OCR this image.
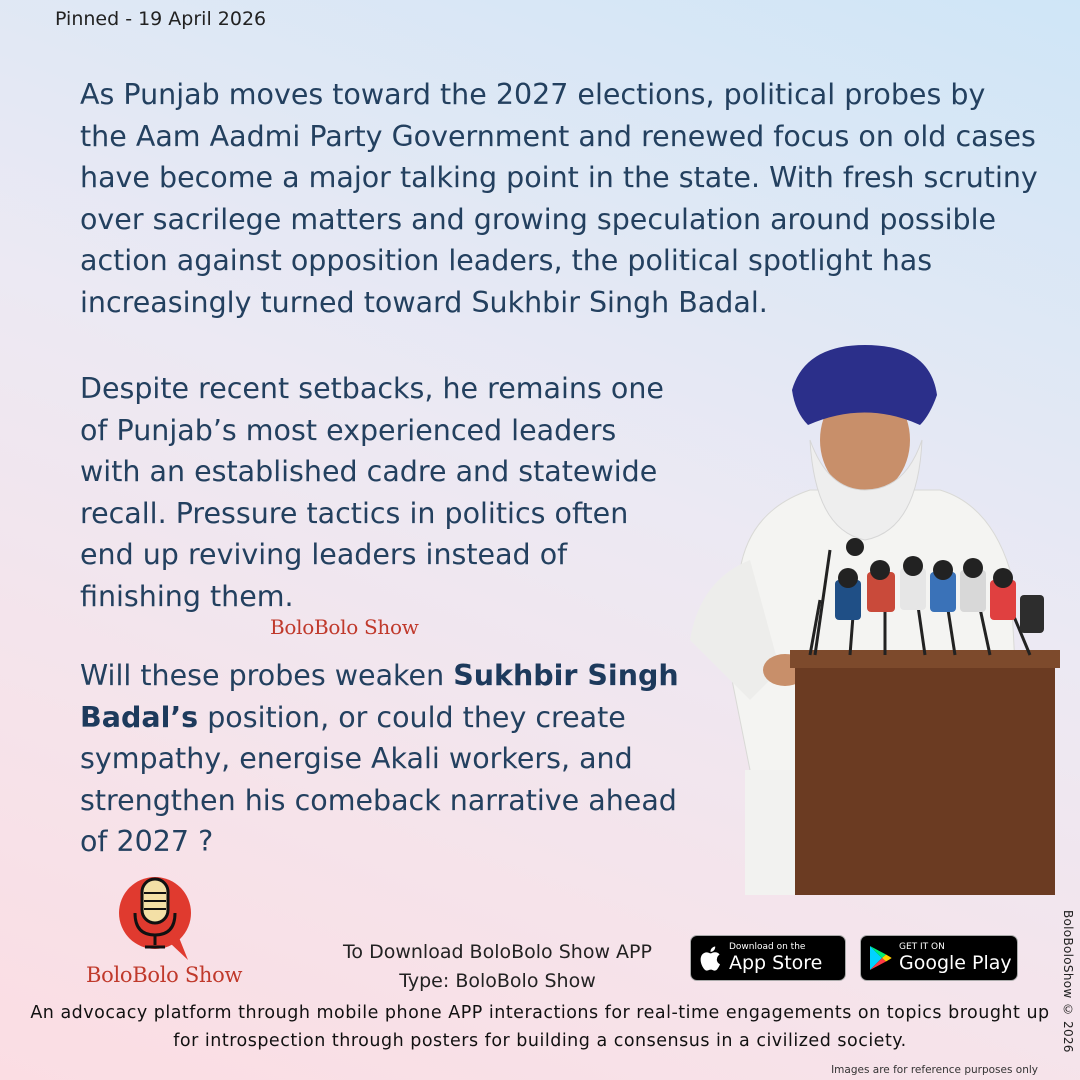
Pinned - 19 April 2026

As Punjab moves toward the 2027 elections, political probes by the Aam Aadmi Party Government and renewed focus on old cases have become a major talking point in the state. With fresh scrutiny over sacrilege matters and growing speculation around possible action against opposition leaders, the political spotlight has increasingly turned toward Sukhbir Singh Badal.

Despite recent setbacks, he remains one of Punjab’s most experienced leaders with an established cadre and statewide recall. Pressure tactics in politics often end up reviving leaders instead of finishing them.

BoloBolo Show

Will these probes weaken Sukhbir Singh Badal’s position, or could they create sympathy, energise Akali workers, and strengthen his comeback narrative ahead of 2027 ?

BoloBolo Show
To Download BoloBolo Show APP
Type: BoloBolo Show
Download on the
App Store
GET IT ON
Google Play
An advocacy platform through mobile phone APP interactions for real-time engagements on topics brought up for introspection through posters for building a consensus in a civilized society.	BoloBoloShow © 2026
Images are for reference purposes only
